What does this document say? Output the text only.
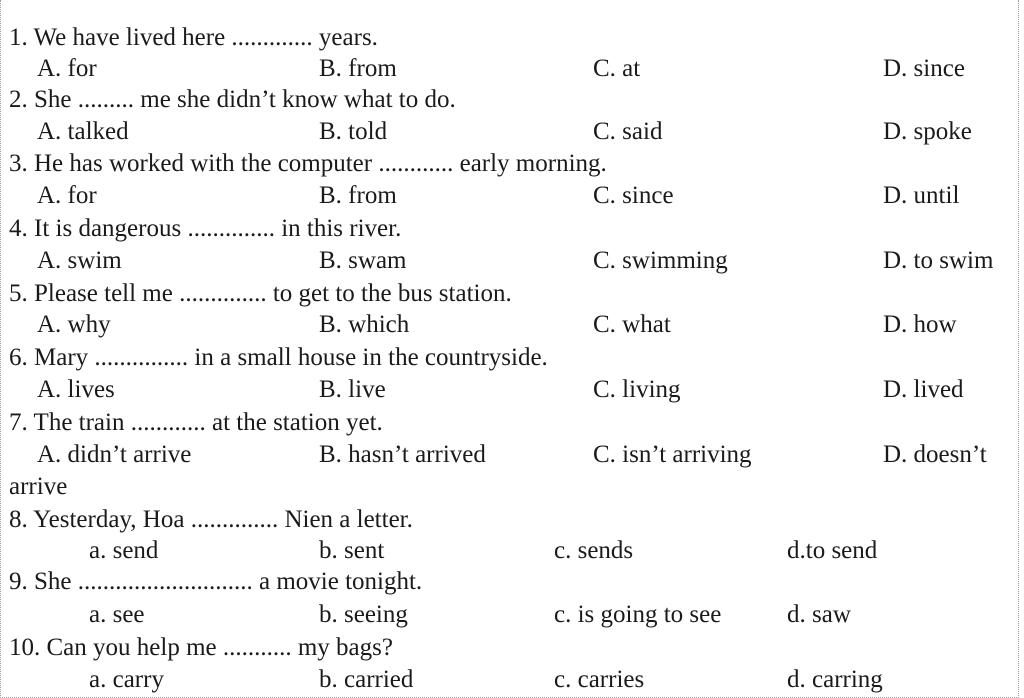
1. We have lived here ............. years.
A. for	B. from	C. at	D. since
2. She ......... me she didn’t know what to do.
A. talked	B. told	C. said	D. spoke
3. He has worked with the computer ............ early morning.
A. for	B. from	C. since	D. until
4. It is dangerous .............. in this river.
A. swim	B. swam	C. swimming	D. to swim
5. Please tell me .............. to get to the bus station.
A. why	B. which	C. what	D. how
6. Mary ............... in a small house in the countryside.
A. lives	B. live	C. living	D. lived
7. The train ............ at the station yet.
A. didn’t arrive	B. hasn’t arrived	C. isn’t arriving	D. doesn’t
arrive
8. Yesterday, Hoa .............. Nien a letter.
a. send	b. sent	c. sends	d.to send
9. She ............................ a movie tonight.
a. see	b. seeing	c. is going to see	d. saw
10. Can you help me ........... my bags?
a. carry	b. carried	c. carries	d. carring
